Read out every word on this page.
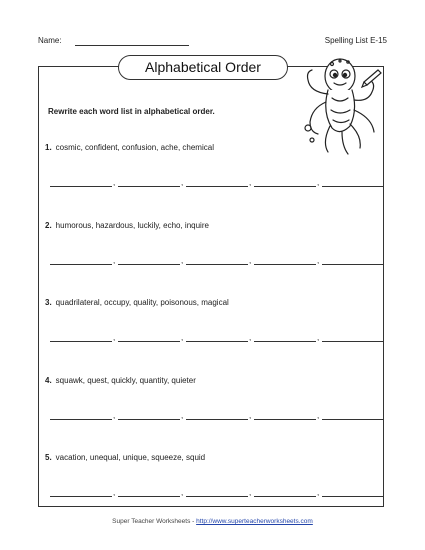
Name:	Spelling List E-15
Alphabetical Order
Rewrite each word list in alphabetical order.
1. cosmic, confident, confusion, ache, chemical
,	,	,	,
2. humorous, hazardous, luckily, echo, inquire
,	,	,	,
3. quadrilateral, occupy, quality, poisonous, magical
,	,	,	,
4. squawk, quest, quickly, quantity, quieter
,	,	,	,
5. vacation, unequal, unique, squeeze, squid
,	,	,	,
Super Teacher Worksheets - http://www.superteacherworksheets.com
